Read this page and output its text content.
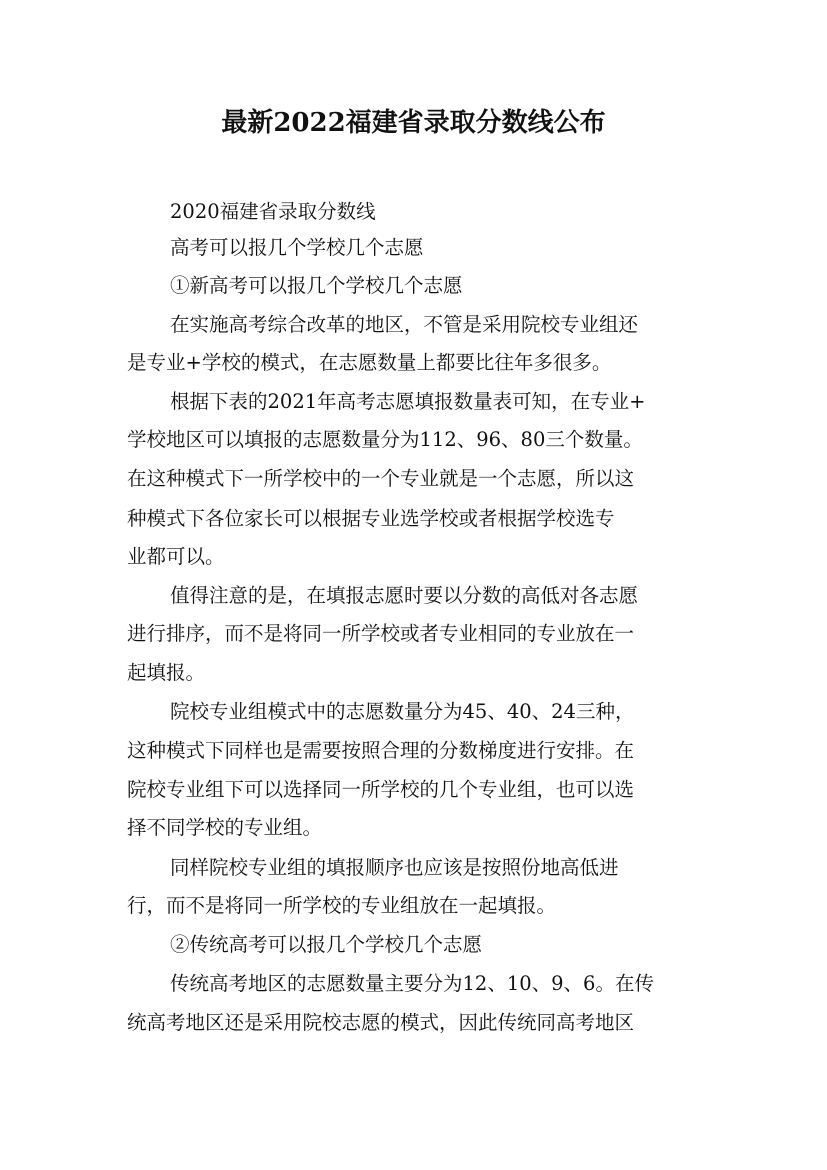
最新2022福建省录取分数线公布
2020福建省录取分数线
高考可以报几个学校几个志愿
①新高考可以报几个学校几个志愿
在实施高考综合改革的地区，不管是采用院校专业组还
是专业+学校的模式，在志愿数量上都要比往年多很多。
根据下表的2021年高考志愿填报数量表可知，在专业+
学校地区可以填报的志愿数量分为112、96、80三个数量。
在这种模式下一所学校中的一个专业就是一个志愿，所以这
种模式下各位家长可以根据专业选学校或者根据学校选专
业都可以。
值得注意的是，在填报志愿时要以分数的高低对各志愿
进行排序，而不是将同一所学校或者专业相同的专业放在一
起填报。
院校专业组模式中的志愿数量分为45、40、24三种，
这种模式下同样也是需要按照合理的分数梯度进行安排。在
院校专业组下可以选择同一所学校的几个专业组，也可以选
择不同学校的专业组。
同样院校专业组的填报顺序也应该是按照份地高低进
行，而不是将同一所学校的专业组放在一起填报。
②传统高考可以报几个学校几个志愿
传统高考地区的志愿数量主要分为12、10、9、6。在传
统高考地区还是采用院校志愿的模式，因此传统同高考地区
